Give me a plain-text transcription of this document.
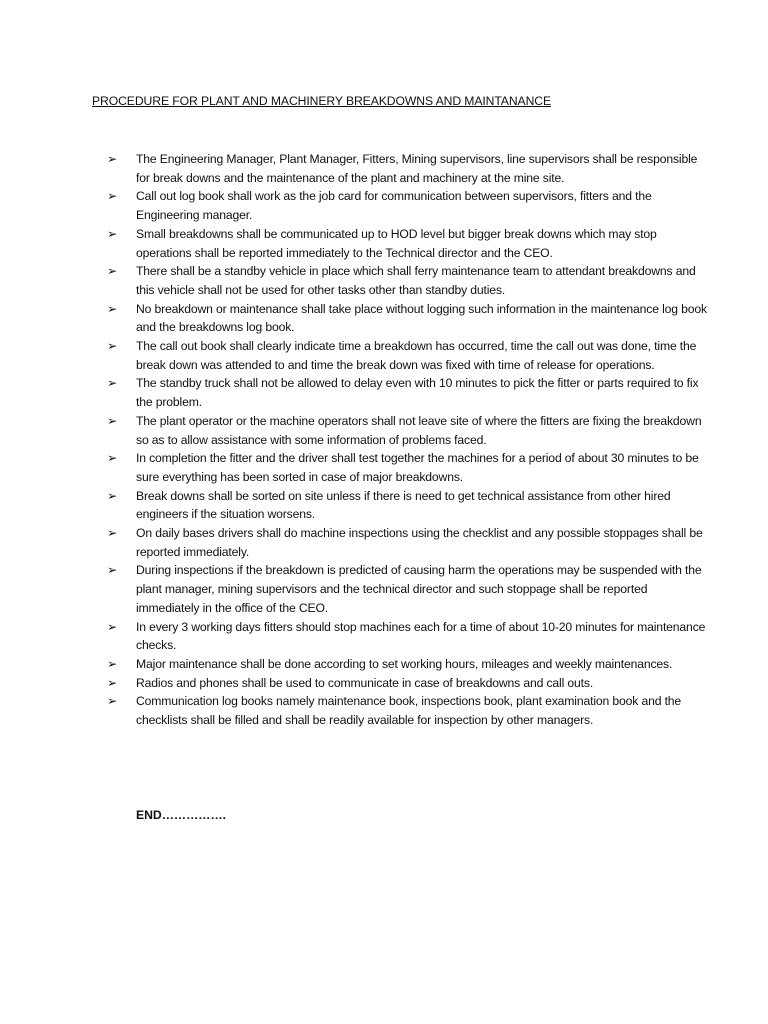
PROCEDURE FOR PLANT AND MACHINERY BREAKDOWNS AND MAINTANANCE
➢ The Engineering Manager, Plant Manager, Fitters, Mining supervisors, line supervisors shall be responsible for break downs and the maintenance of the plant and machinery at the mine site.
➢ Call out log book shall work as the job card for communication between supervisors, fitters and the Engineering manager.
➢ Small breakdowns shall be communicated up to HOD level but bigger break downs which may stop operations shall be reported immediately to the Technical director and the CEO.
➢ There shall be a standby vehicle in place which shall ferry maintenance team to attendant breakdowns and this vehicle shall not be used for other tasks other than standby duties.
➢ No breakdown or maintenance shall take place without logging such information in the maintenance log book and the breakdowns log book.
➢ The call out book shall clearly indicate time a breakdown has occurred, time the call out was done, time the break down was attended to and time the break down was fixed with time of release for operations.
➢ The standby truck shall not be allowed to delay even with 10 minutes to pick the fitter or parts required to fix the problem.
➢ The plant operator or the machine operators shall not leave site of where the fitters are fixing the breakdown so as to allow assistance with some information of problems faced.
➢ In completion the fitter and the driver shall test together the machines for a period of about 30 minutes to be sure everything has been sorted in case of major breakdowns.
➢ Break downs shall be sorted on site unless if there is need to get technical assistance from other hired engineers if the situation worsens.
➢ On daily bases drivers shall do machine inspections using the checklist and any possible stoppages shall be reported immediately.
➢ During inspections if the breakdown is predicted of causing harm the operations may be suspended with the plant manager, mining supervisors and the technical director and such stoppage shall be reported immediately in the office of the CEO.
➢ In every 3 working days fitters should stop machines each for a time of about 10-20 minutes for maintenance checks.
➢ Major maintenance shall be done according to set working hours, mileages and weekly maintenances.
➢ Radios and phones shall be used to communicate in case of breakdowns and call outs.
➢ Communication log books namely maintenance book, inspections book, plant examination book and the checklists shall be filled and shall be readily available for inspection by other managers.
END…………….
